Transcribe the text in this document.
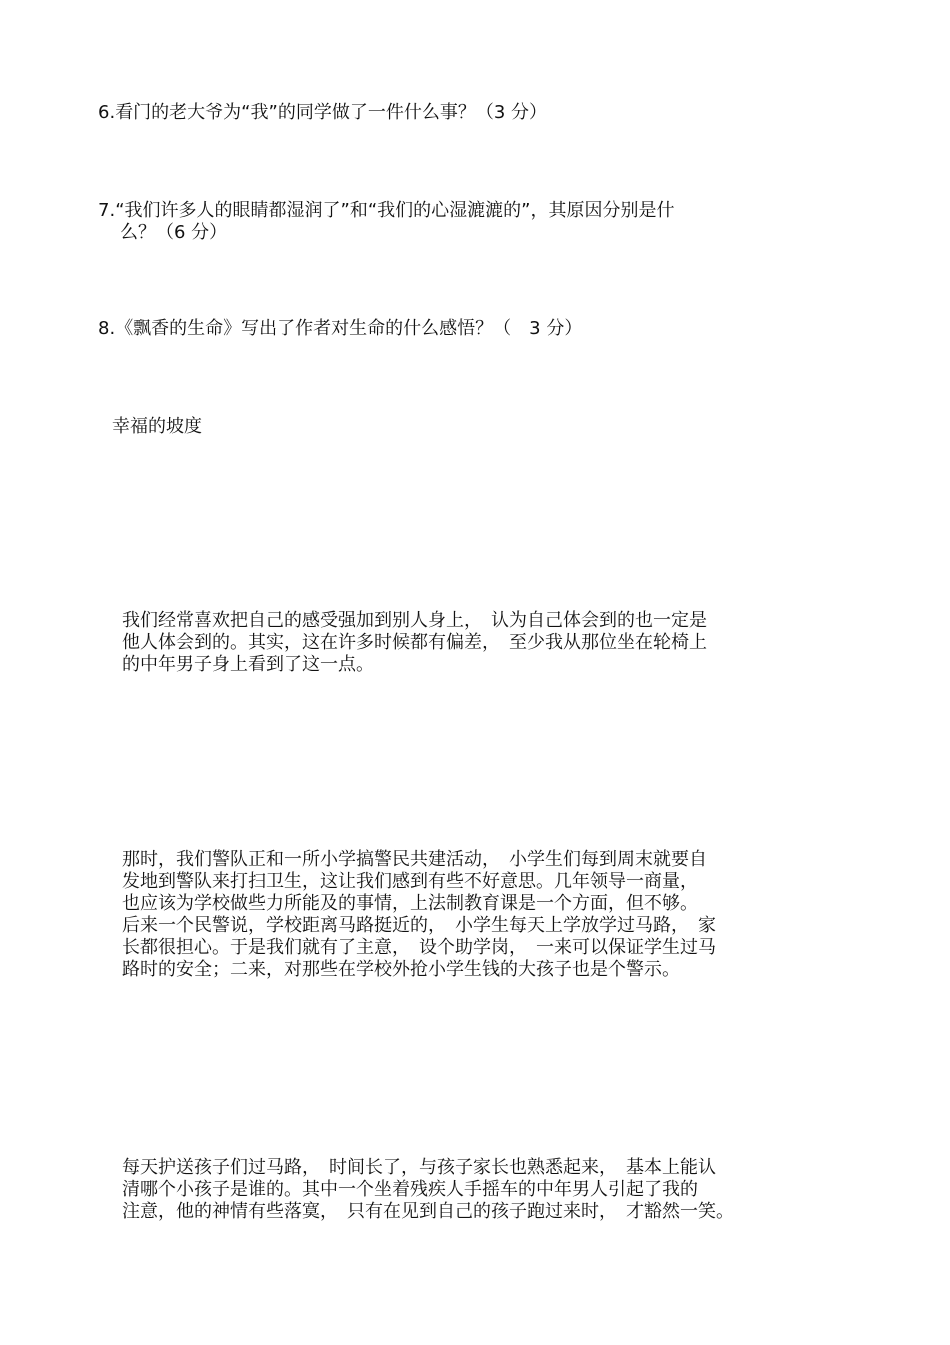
6.看门的老大爷为“我”的同学做了一件什么事？（3 分）
7.“我们许多人的眼睛都湿润了”和“我们的心湿漉漉的”，其原因分别是什
么？（6 分）
8.《飘香的生命》写出了作者对生命的什么感悟？（　3 分）
幸福的坡度
我们经常喜欢把自己的感受强加到别人身上，　认为自己体会到的也一定是
他人体会到的。其实，这在许多时候都有偏差，　至少我从那位坐在轮椅上
的中年男子身上看到了这一点。
那时，我们警队正和一所小学搞警民共建活动，　小学生们每到周末就要自
发地到警队来打扫卫生，这让我们感到有些不好意思。几年领导一商量，
也应该为学校做些力所能及的事情，上法制教育课是一个方面，但不够。
后来一个民警说，学校距离马路挺近的，　小学生每天上学放学过马路，　家
长都很担心。于是我们就有了主意，　设个助学岗，　一来可以保证学生过马
路时的安全；二来，对那些在学校外抢小学生钱的大孩子也是个警示。
每天护送孩子们过马路，　时间长了，与孩子家长也熟悉起来，　基本上能认
清哪个小孩子是谁的。其中一个坐着残疾人手摇车的中年男人引起了我的
注意，他的神情有些落寞，　只有在见到自己的孩子跑过来时，　才豁然一笑。
